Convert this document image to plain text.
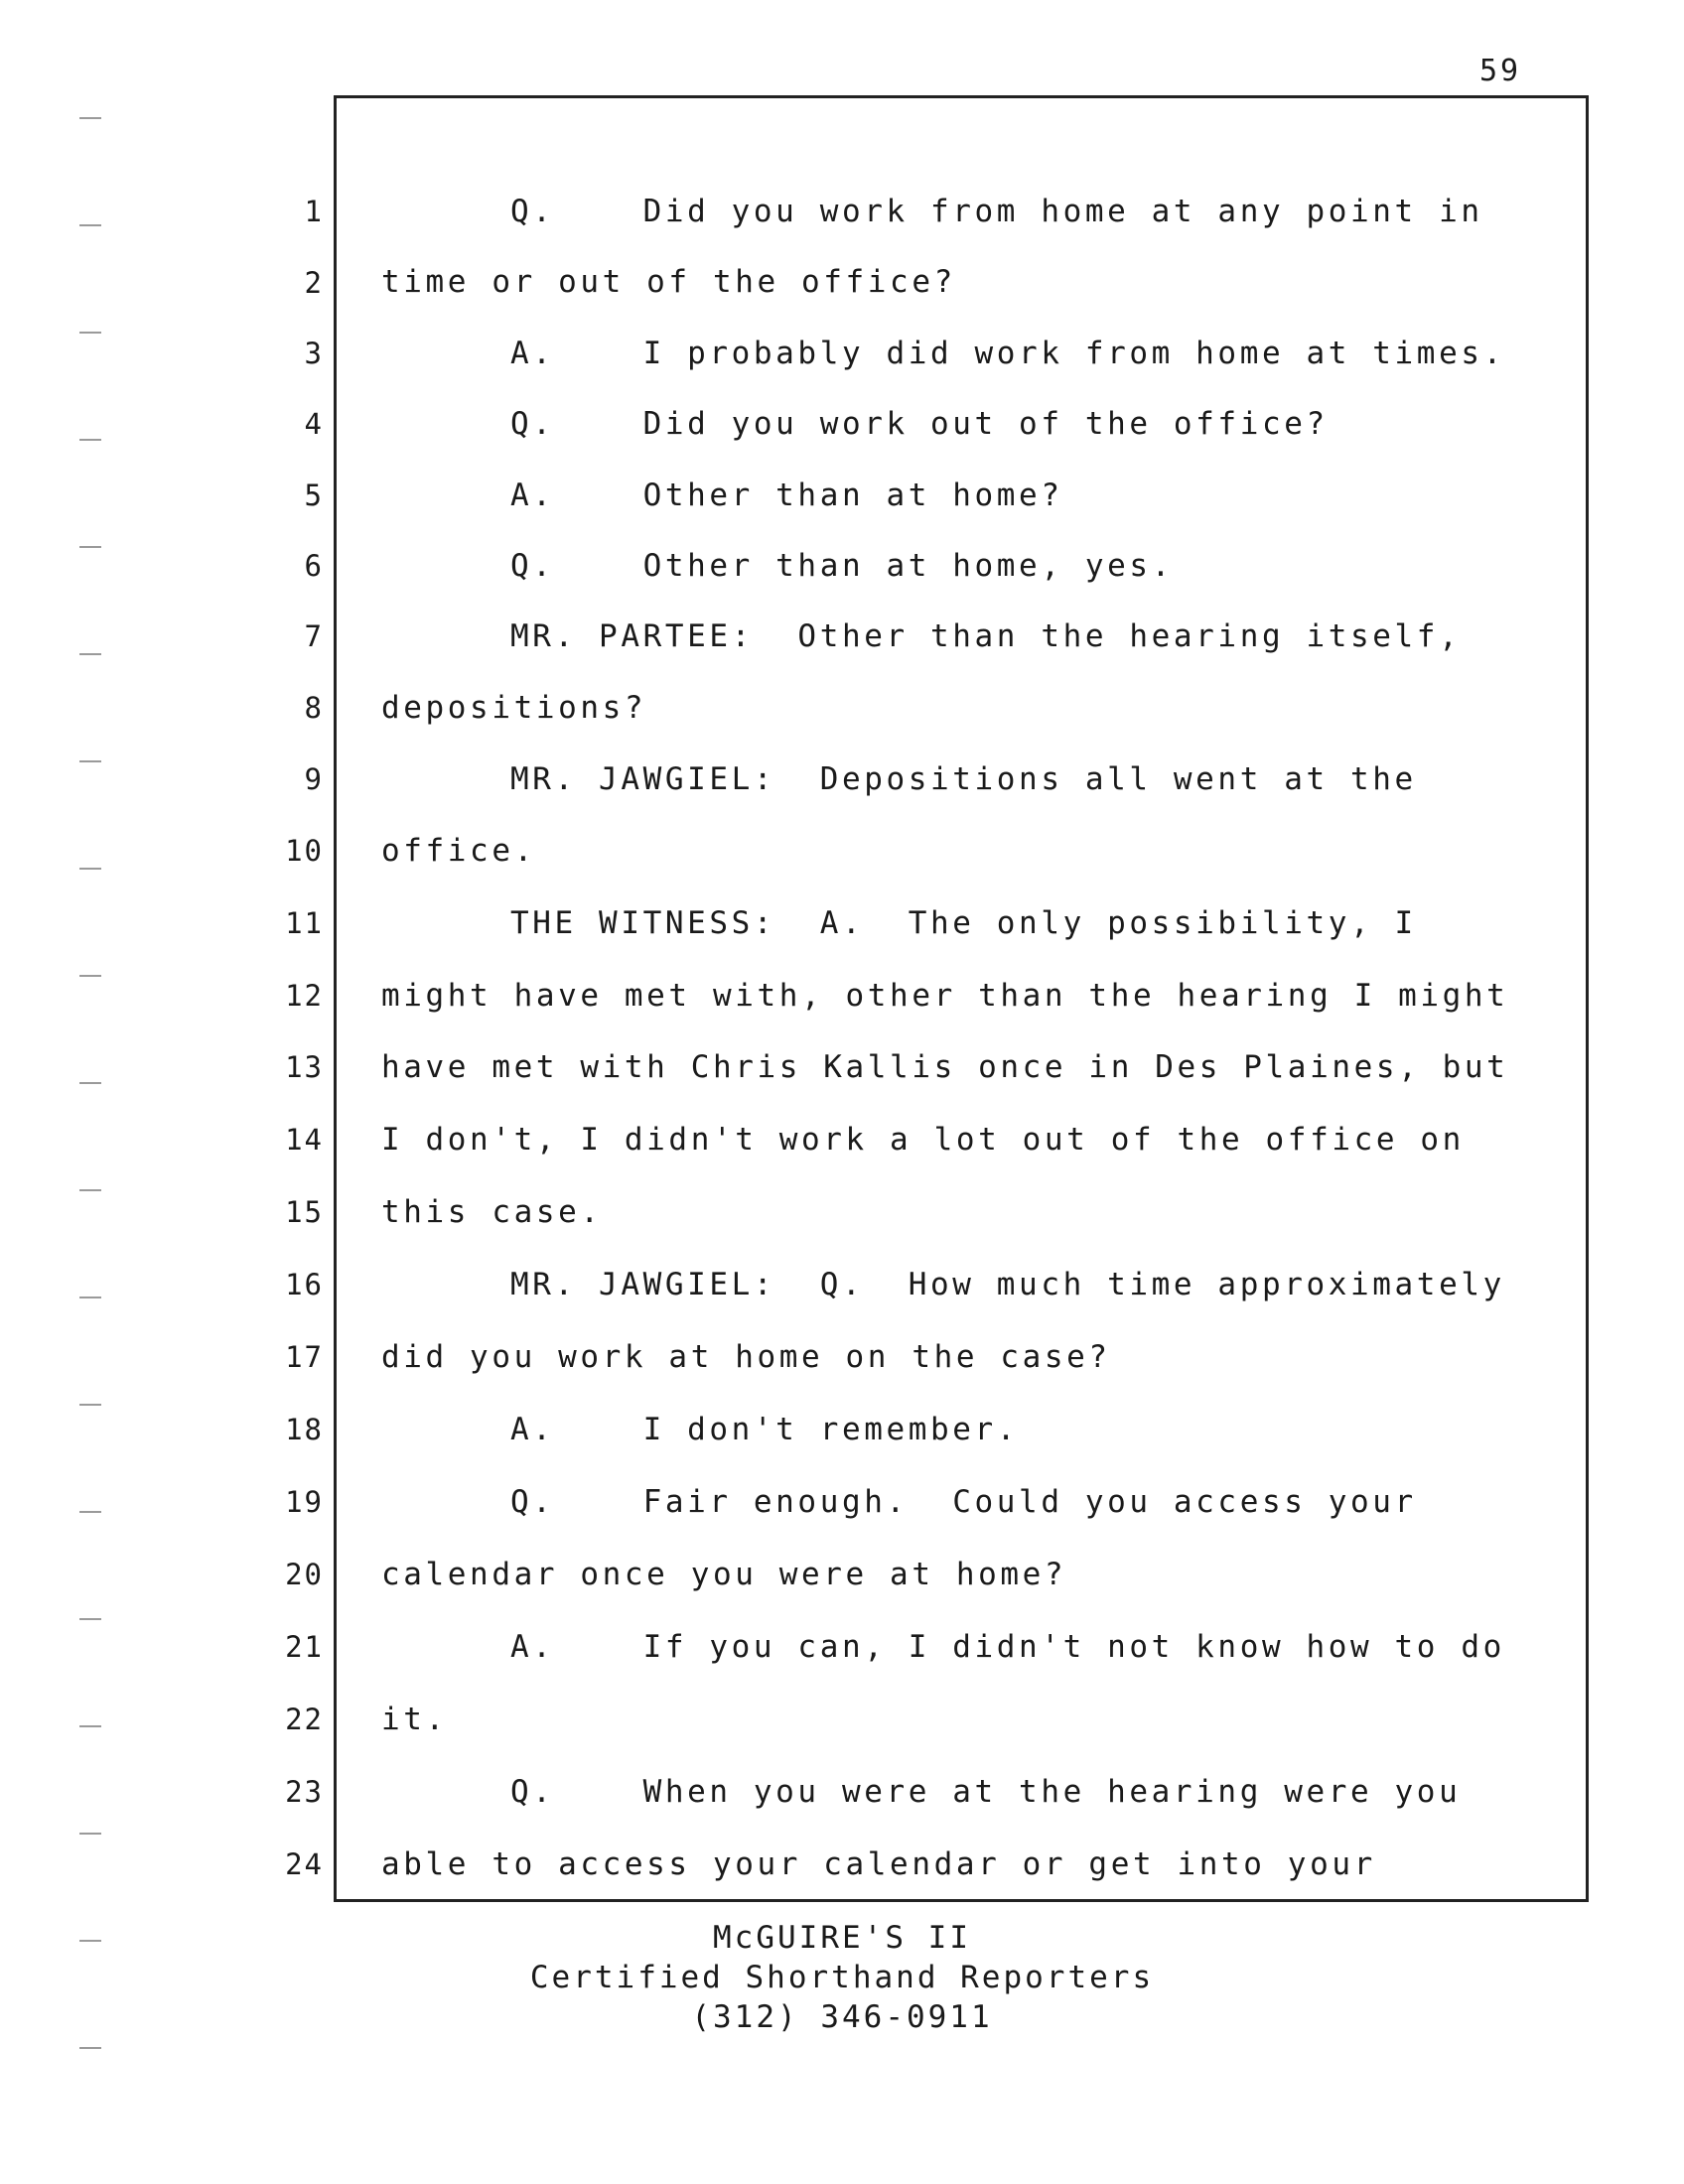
59
1
2
3
4
5
6
7
8
9
10
11
12
13
14
15
16
17
18
19
20
21
22
23
24
Q.    Did you work from home at any point in
time or out of the office?
A.    I probably did work from home at times.
Q.    Did you work out of the office?
A.    Other than at home?
Q.    Other than at home, yes.
MR. PARTEE:  Other than the hearing itself,
depositions?
MR. JAWGIEL:  Depositions all went at the
office.
THE WITNESS:  A.  The only possibility, I
might have met with, other than the hearing I might
have met with Chris Kallis once in Des Plaines, but
I don't, I didn't work a lot out of the office on
this case.
MR. JAWGIEL:  Q.  How much time approximately
did you work at home on the case?
A.    I don't remember.
Q.    Fair enough.  Could you access your
calendar once you were at home?
A.    If you can, I didn't not know how to do
it.
Q.    When you were at the hearing were you
able to access your calendar or get into your
McGUIRE'S II
Certified Shorthand Reporters
(312) 346-0911
